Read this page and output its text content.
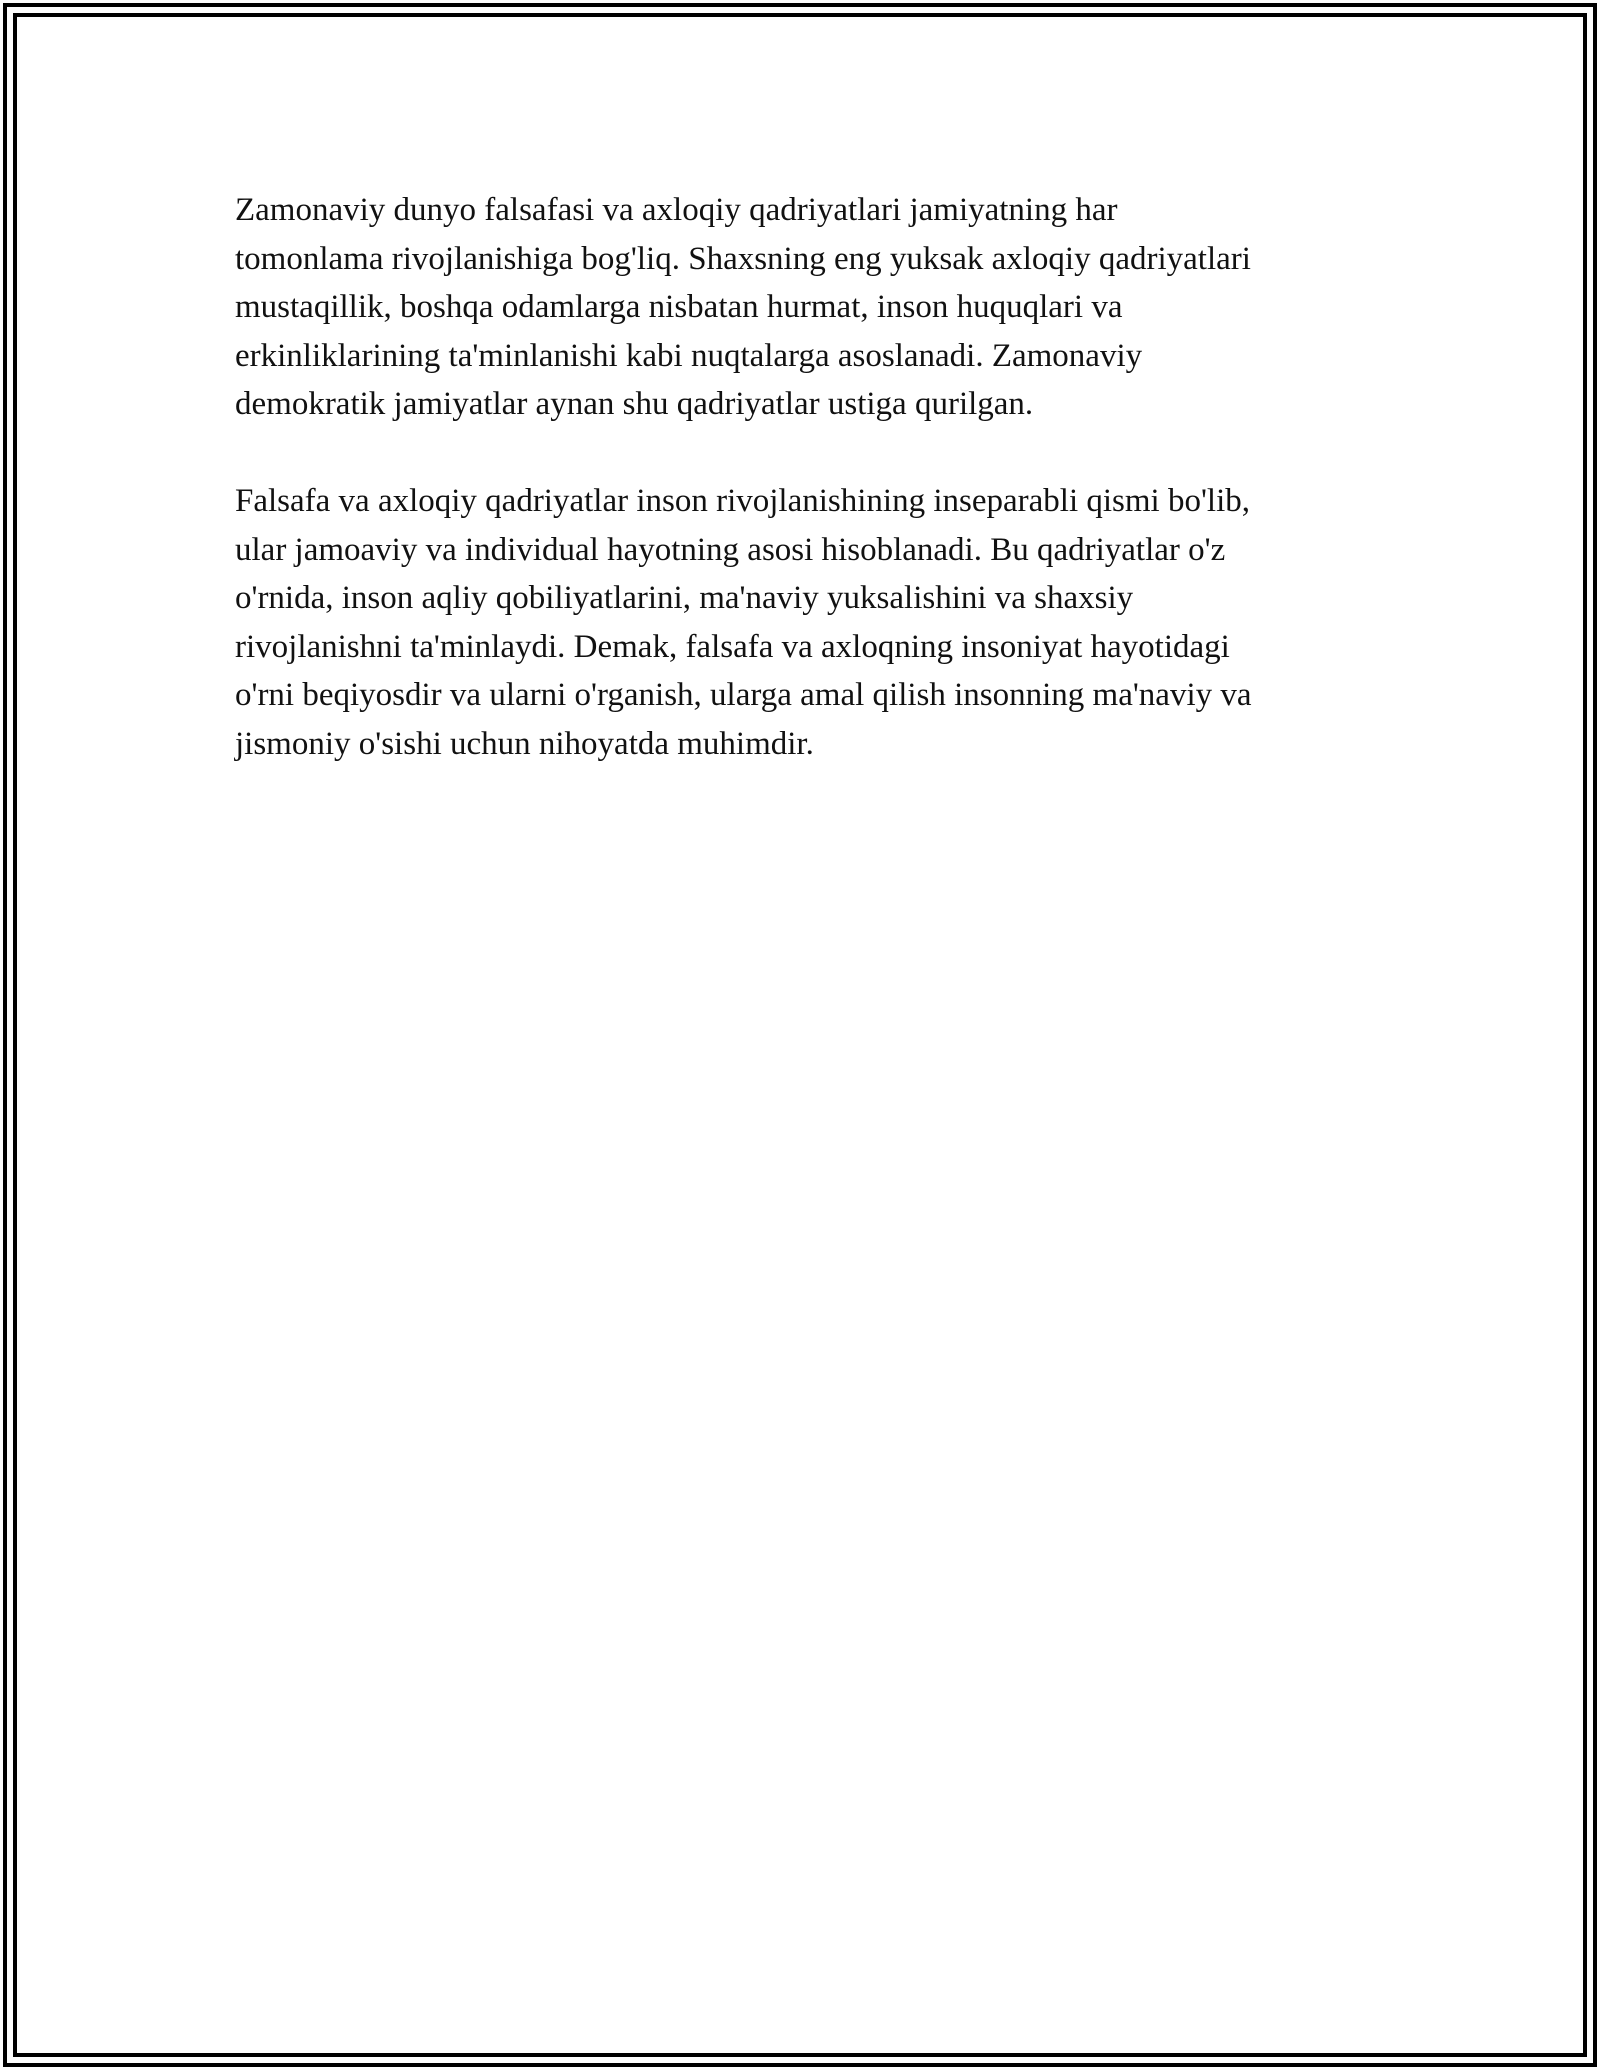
Zamonaviy dunyo falsafasi va axloqiy qadriyatlari jamiyatning har
tomonlama rivojlanishiga bog'liq. Shaxsning eng yuksak axloqiy qadriyatlari
mustaqillik, boshqa odamlarga nisbatan hurmat, inson huquqlari va
erkinliklarining ta'minlanishi kabi nuqtalarga asoslanadi. Zamonaviy
demokratik jamiyatlar aynan shu qadriyatlar ustiga qurilgan.

Falsafa va axloqiy qadriyatlar inson rivojlanishining inseparabli qismi bo'lib,
ular jamoaviy va individual hayotning asosi hisoblanadi. Bu qadriyatlar o'z
o'rnida, inson aqliy qobiliyatlarini, ma'naviy yuksalishini va shaxsiy
rivojlanishni ta'minlaydi. Demak, falsafa va axloqning insoniyat hayotidagi
o'rni beqiyosdir va ularni o'rganish, ularga amal qilish insonning ma'naviy va
jismoniy o'sishi uchun nihoyatda muhimdir.
